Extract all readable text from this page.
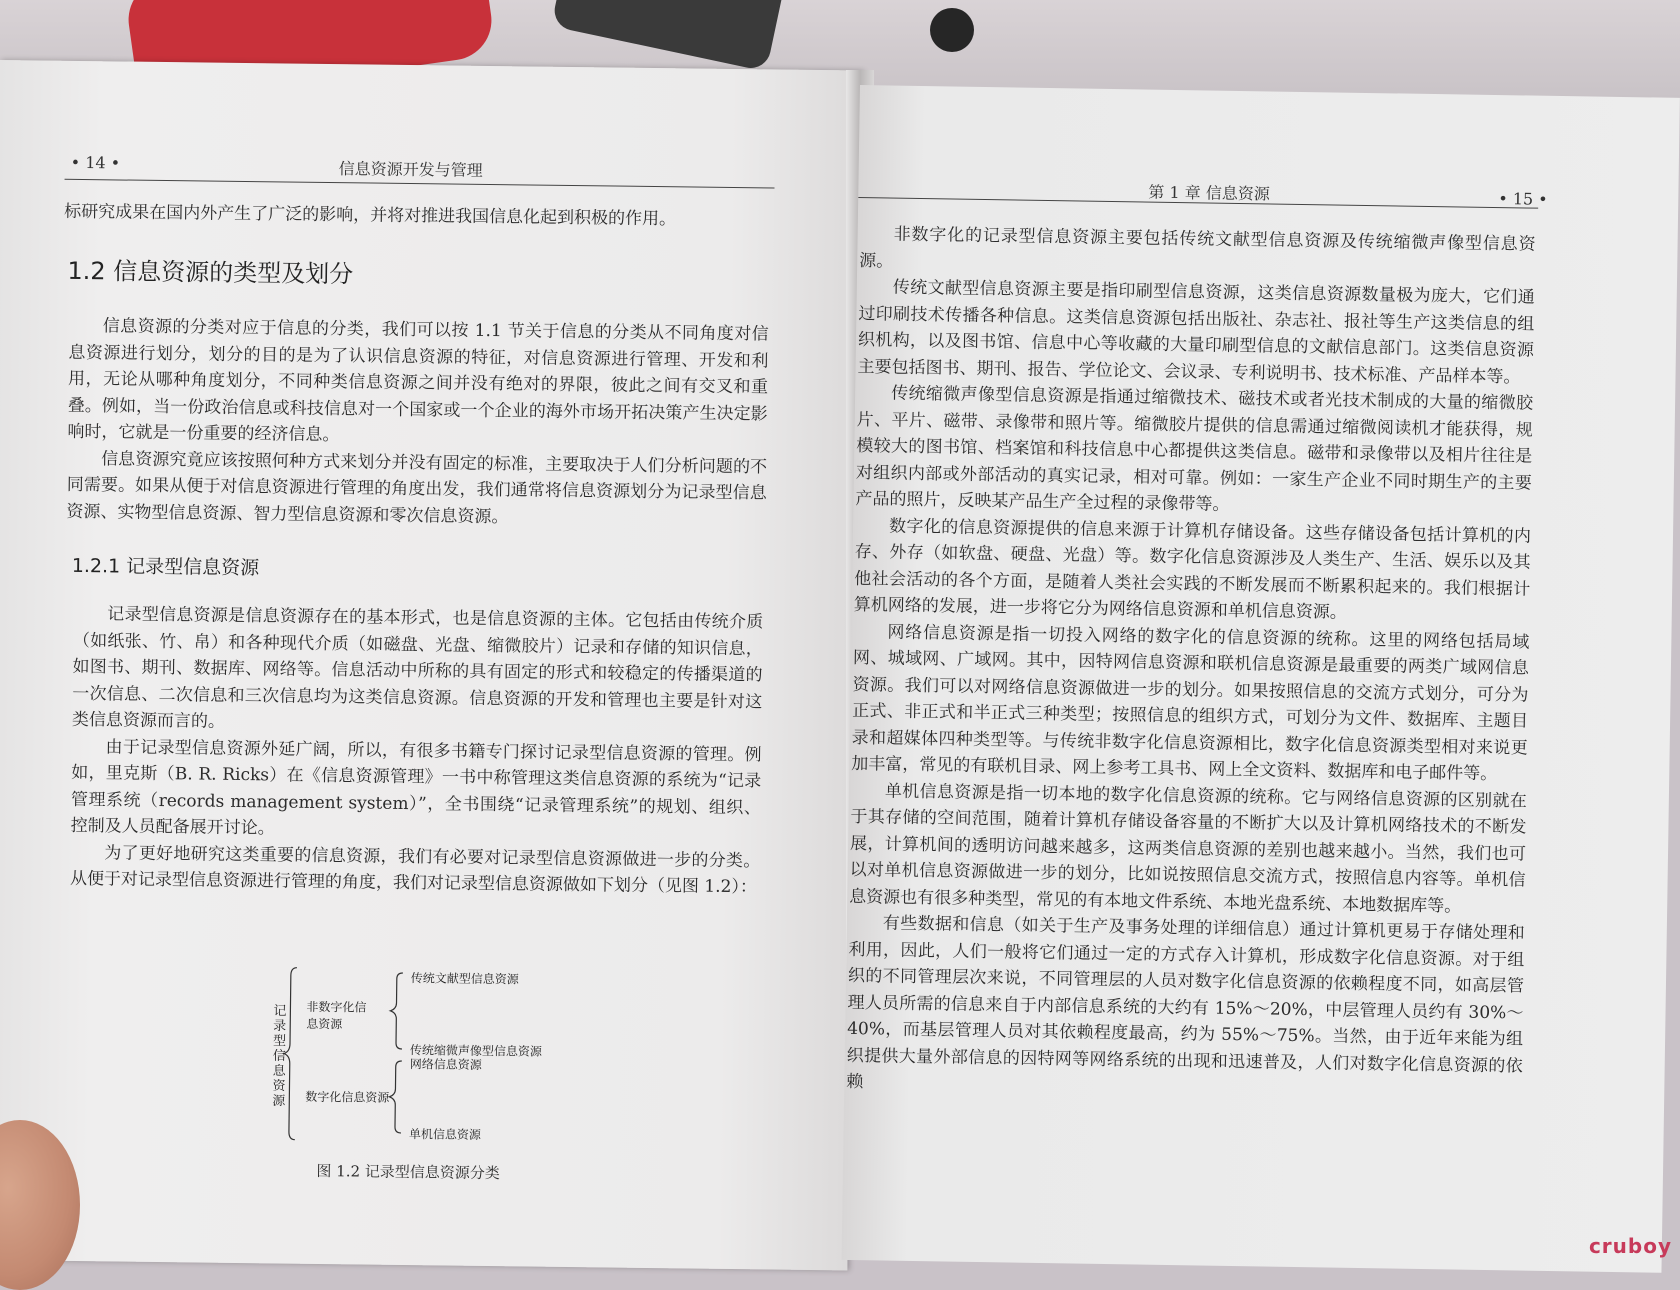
• 14 •	信息资源开发与管理

标研究成果在国内外产生了广泛的影响，并将对推进我国信息化起到积极的作用。

1.2 信息资源的类型及划分

信息资源的分类对应于信息的分类，我们可以按 1.1 节关于信息的分类从不同角度对信息资源进行划分，划分的目的是为了认识信息资源的特征，对信息资源进行管理、开发和利用，无论从哪种角度划分，不同种类信息资源之间并没有绝对的界限，彼此之间有交叉和重叠。例如，当一份政治信息或科技信息对一个国家或一个企业的海外市场开拓决策产生决定影响时，它就是一份重要的经济信息。

信息资源究竟应该按照何种方式来划分并没有固定的标准，主要取决于人们分析问题的不同需要。如果从便于对信息资源进行管理的角度出发，我们通常将信息资源划分为记录型信息资源、实物型信息资源、智力型信息资源和零次信息资源。

1.2.1 记录型信息资源

记录型信息资源是信息资源存在的基本形式，也是信息资源的主体。它包括由传统介质（如纸张、竹、帛）和各种现代介质（如磁盘、光盘、缩微胶片）记录和存储的知识信息，如图书、期刊、数据库、网络等。信息活动中所称的具有固定的形式和较稳定的传播渠道的一次信息、二次信息和三次信息均为这类信息资源。信息资源的开发和管理也主要是针对这类信息资源而言的。

由于记录型信息资源外延广阔，所以，有很多书籍专门探讨记录型信息资源的管理。例如，里克斯（B. R. Ricks）在《信息资源管理》一书中称管理这类信息资源的系统为“记录管理系统（records management system）”，全书围绕“记录管理系统”的规划、组织、控制及人员配备展开讨论。

为了更好地研究这类重要的信息资源，我们有必要对记录型信息资源做进一步的分类。从便于对记录型信息资源进行管理的角度，我们对记录型信息资源做如下划分（见图 1.2）：

记录型信息资源 非数字化信息资源
数字化信息资源
传统文献型信息资源
传统缩微声像型信息资源
网络信息资源
单机信息资源
图 1.2 记录型信息资源分类
第 1 章 信息资源	• 15 •

非数字化的记录型信息资源主要包括传统文献型信息资源及传统缩微声像型信息资源。

传统文献型信息资源主要是指印刷型信息资源，这类信息资源数量极为庞大，它们通过印刷技术传播各种信息。这类信息资源包括出版社、杂志社、报社等生产这类信息的组织机构，以及图书馆、信息中心等收藏的大量印刷型信息的文献信息部门。这类信息资源主要包括图书、期刊、报告、学位论文、会议录、专利说明书、技术标准、产品样本等。

传统缩微声像型信息资源是指通过缩微技术、磁技术或者光技术制成的大量的缩微胶片、平片、磁带、录像带和照片等。缩微胶片提供的信息需通过缩微阅读机才能获得，规模较大的图书馆、档案馆和科技信息中心都提供这类信息。磁带和录像带以及相片往往是对组织内部或外部活动的真实记录，相对可靠。例如：一家生产企业不同时期生产的主要产品的照片，反映某产品生产全过程的录像带等。

数字化的信息资源提供的信息来源于计算机存储设备。这些存储设备包括计算机的内存、外存（如软盘、硬盘、光盘）等。数字化信息资源涉及人类生产、生活、娱乐以及其他社会活动的各个方面，是随着人类社会实践的不断发展而不断累积起来的。我们根据计算机网络的发展，进一步将它分为网络信息资源和单机信息资源。

网络信息资源是指一切投入网络的数字化的信息资源的统称。这里的网络包括局域网、城域网、广域网。其中，因特网信息资源和联机信息资源是最重要的两类广域网信息资源。我们可以对网络信息资源做进一步的划分。如果按照信息的交流方式划分，可分为正式、非正式和半正式三种类型；按照信息的组织方式，可划分为文件、数据库、主题目录和超媒体四种类型等。与传统非数字化信息资源相比，数字化信息资源类型相对来说更加丰富，常见的有联机目录、网上参考工具书、网上全文资料、数据库和电子邮件等。

单机信息资源是指一切本地的数字化信息资源的统称。它与网络信息资源的区别就在于其存储的空间范围，随着计算机存储设备容量的不断扩大以及计算机网络技术的不断发展，计算机间的透明访问越来越多，这两类信息资源的差别也越来越小。当然，我们也可以对单机信息资源做进一步的划分，比如说按照信息交流方式，按照信息内容等。单机信息资源也有很多种类型，常见的有本地文件系统、本地光盘系统、本地数据库等。

有些数据和信息（如关于生产及事务处理的详细信息）通过计算机更易于存储处理和利用，因此，人们一般将它们通过一定的方式存入计算机，形成数字化信息资源。对于组织的不同管理层次来说，不同管理层的人员对数字化信息资源的依赖程度不同，如高层管理人员所需的信息来自于内部信息系统的大约有 15%～20%，中层管理人员约有 30%～40%，而基层管理人员对其依赖程度最高，约为 55%～75%。当然，由于近年来能为组织提供大量外部信息的因特网等网络系统的出现和迅速普及，人们对数字化信息资源的依赖

cruboy
